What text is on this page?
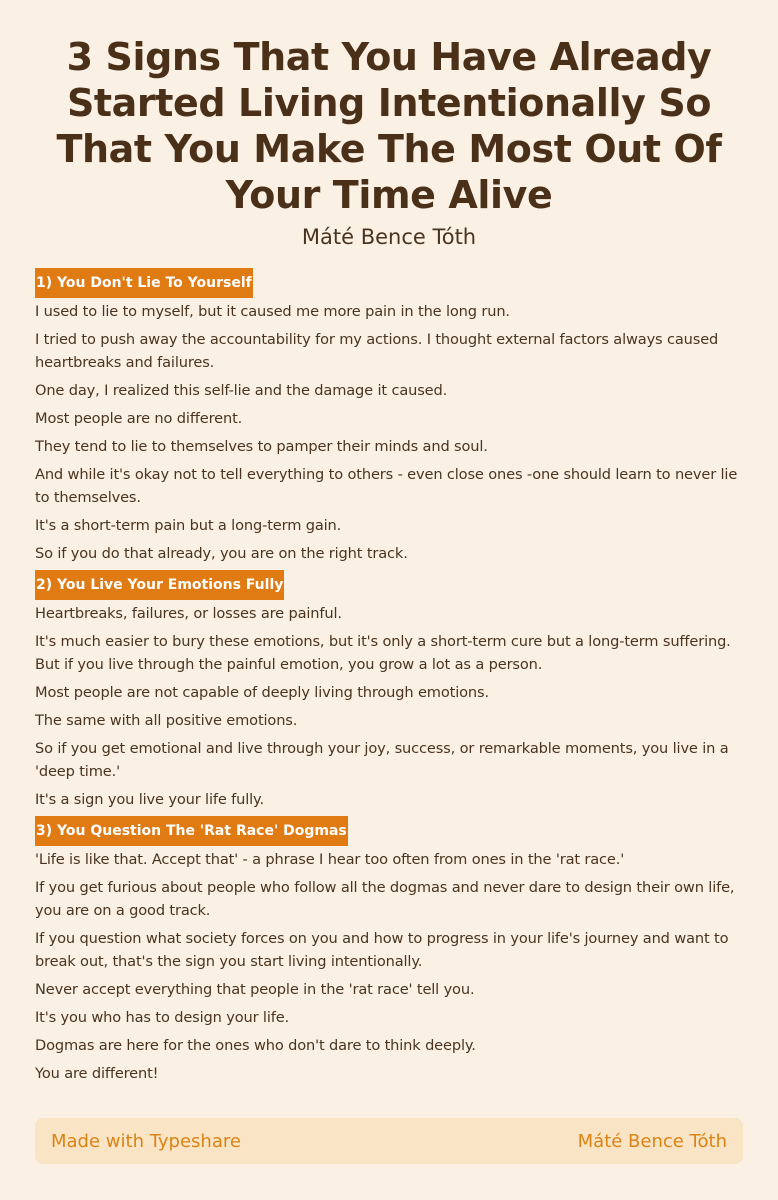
3 Signs That You Have Already Started Living Intentionally So That You Make The Most Out Of Your Time Alive
Máté Bence Tóth
1) You Don't Lie To Yourself
I used to lie to myself, but it caused me more pain in the long run.
I tried to push away the accountability for my actions. I thought external factors always caused heartbreaks and failures.
One day, I realized this self-lie and the damage it caused.
Most people are no different.
They tend to lie to themselves to pamper their minds and soul.
And while it's okay not to tell everything to others - even close ones -one should learn to never lie to themselves.
It's a short-term pain but a long-term gain.
So if you do that already, you are on the right track.
2) You Live Your Emotions Fully
Heartbreaks, failures, or losses are painful.
It's much easier to bury these emotions, but it's only a short-term cure but a long-term suffering. But if you live through the painful emotion, you grow a lot as a person.
Most people are not capable of deeply living through emotions.
The same with all positive emotions.
So if you get emotional and live through your joy, success, or remarkable moments, you live in a 'deep time.'
It's a sign you live your life fully.
3) You Question The 'Rat Race' Dogmas
'Life is like that. Accept that' - a phrase I hear too often from ones in the 'rat race.'
If you get furious about people who follow all the dogmas and never dare to design their own life, you are on a good track.
If you question what society forces on you and how to progress in your life's journey and want to break out, that's the sign you start living intentionally.
Never accept everything that people in the 'rat race' tell you.
It's you who has to design your life.
Dogmas are here for the ones who don't dare to think deeply.
You are different!
Made with Typeshare	Máté Bence Tóth
